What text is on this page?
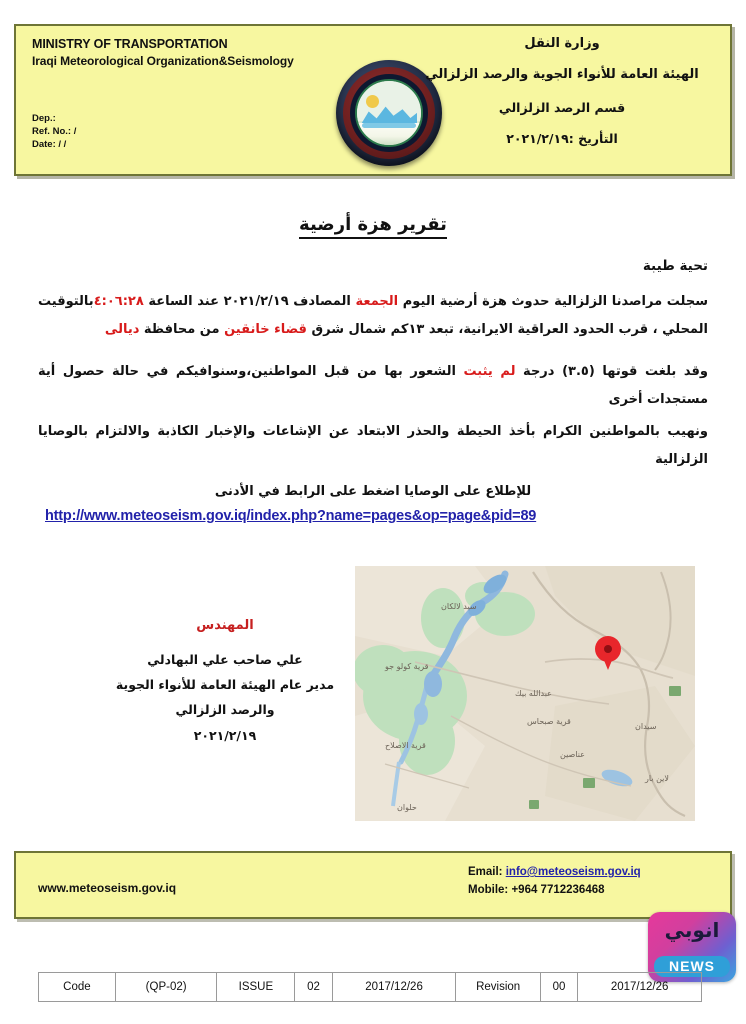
MINISTRY OF TRANSPORTATION
Iraqi Meteorological Organization&Seismology
Dep.:
Ref. No.: /
Date: / /
وزارة النقل
الهيئة العامة للأنواء الجوية والرصد الزلزالي
قسم الرصد الزلزالي
التأريخ :٢٠٢١/٢/١٩
تقرير هزة أرضية
تحية طيبة
سجلت مراصدنا الزلزالية حدوث هزة أرضية اليوم الجمعة المصادف ٢٠٢١/٢/١٩ عند الساعة ٤:٠٦:٢٨بالتوقيت المحلي ، قرب الحدود العراقية الايرانية، تبعد ١٣كم شمال شرق قضاء خانقين من محافظة ديالى
وقد بلغت قوتها (٣.٥) درجة لم يثبت الشعور بها من قبل المواطنين،وسنوافيكم في حالة حصول أية مستجدات أخرى
ونهيب بالمواطنين الكرام بأخذ الحيطة والحذر الابتعاد عن الإشاعات والإخبار الكاذبة والالتزام بالوصايا الزلزالية
للإطلاع على الوصايا اضغط على الرابط في الأدنى
http://www.meteoseism.gov.iq/index.php?name=pages&op=page&pid=89
المهندس
علي صاحب علي البهادلي
مدير عام الهيئة العامة للأنواء الجوية
والرصد الزلزالي
٢٠٢١/٢/١٩
سيد لالكان
قرية كولو جو
عبدالله بيك
قرية صبحاس
قرية الاصلاح
عناصين
سيدان
لاين بار
حلوان
www.meteoseism.gov.iq
Email: info@meteoseism.gov.iq
Mobile: +964 7712236468
انوبي
NEWS
Code	(QP-02)	ISSUE	02	2017/12/26	Revision	00	2017/12/26
